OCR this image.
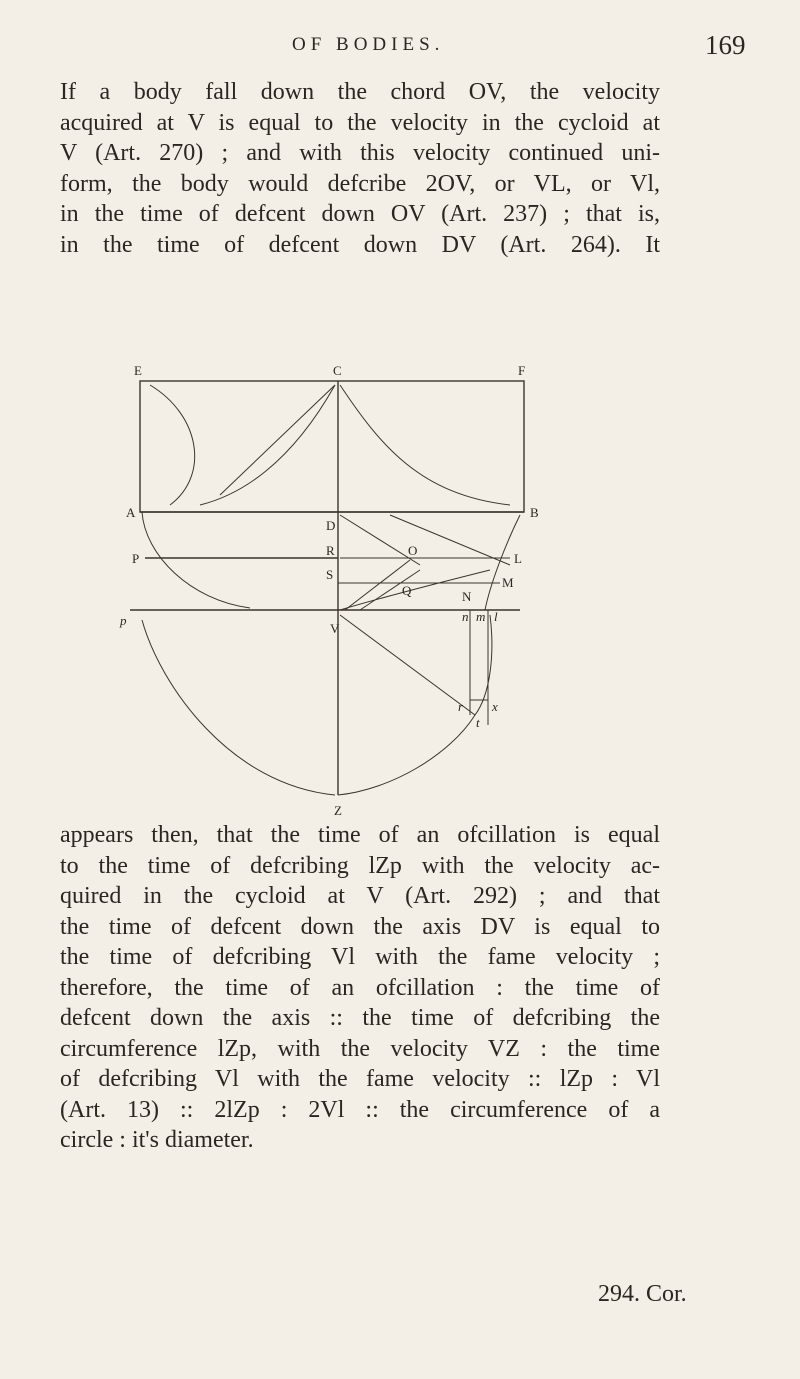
OF BODIES.	169
If a body fall down the chord OV, the velocity
acquired at V is equal to the velocity in the cycloid at
V (Art. 270) ; and with this velocity continued uni-
form, the body would defcribe 2OV, or VL, or Vl,
in the time of defcent down OV (Art. 237) ; that is,
in the time of defcent down DV (Art. 264). It
E	C	F
A	B
D
P
R	O
L
S
Q
M
N
p	n m l
V
r x
t
Z
appears then, that the time of an ofcillation is equal
to the time of defcribing lZp with the velocity ac-
quired in the cycloid at V (Art. 292) ; and that
the time of defcent down the axis DV is equal to
the time of defcribing Vl with the fame velocity ;
therefore, the time of an ofcillation : the time of
defcent down the axis :: the time of defcribing the
circumference lZp, with the velocity VZ : the time
of defcribing Vl with the fame velocity :: lZp : Vl
(Art. 13) :: 2lZp : 2Vl :: the circumference of a
circle : it's diameter.
294. Cor.
